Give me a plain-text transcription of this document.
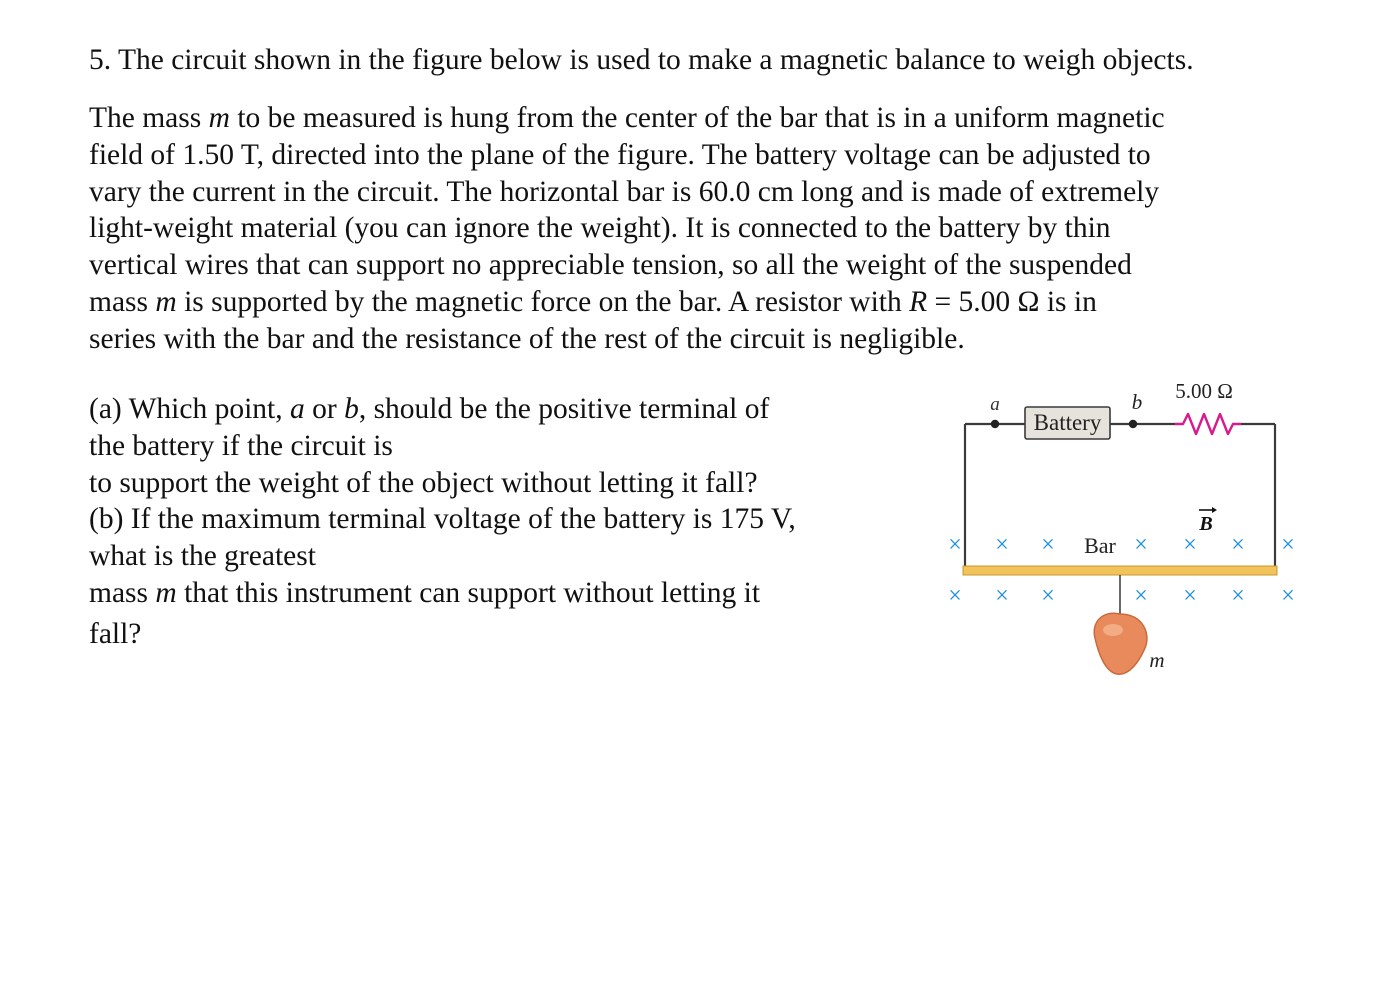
5. The circuit shown in the figure below is used to make a magnetic balance to weigh objects.
The mass m to be measured is hung from the center of the bar that is in a uniform magnetic
field of 1.50 T, directed into the plane of the figure. The battery voltage can be adjusted to
vary the current in the circuit. The horizontal bar is 60.0 cm long and is made of extremely
light-weight material (you can ignore the weight). It is connected to the battery by thin
vertical wires that can support no appreciable tension, so all the weight of the suspended
mass m is supported by the magnetic force on the bar. A resistor with R = 5.00 Ω is in
series with the bar and the resistance of the rest of the circuit is negligible.
(a) Which point, a or b, should be the positive terminal of
the battery if the circuit is
to support the weight of the object without letting it fall?
(b) If the maximum terminal voltage of the battery is 175 V,
what is the greatest
mass m that this instrument can support without letting it
fall?
Battery
a	b 5.00 Ω
B
× × × Bar × × × ×
× × ×	× × × ×
m
